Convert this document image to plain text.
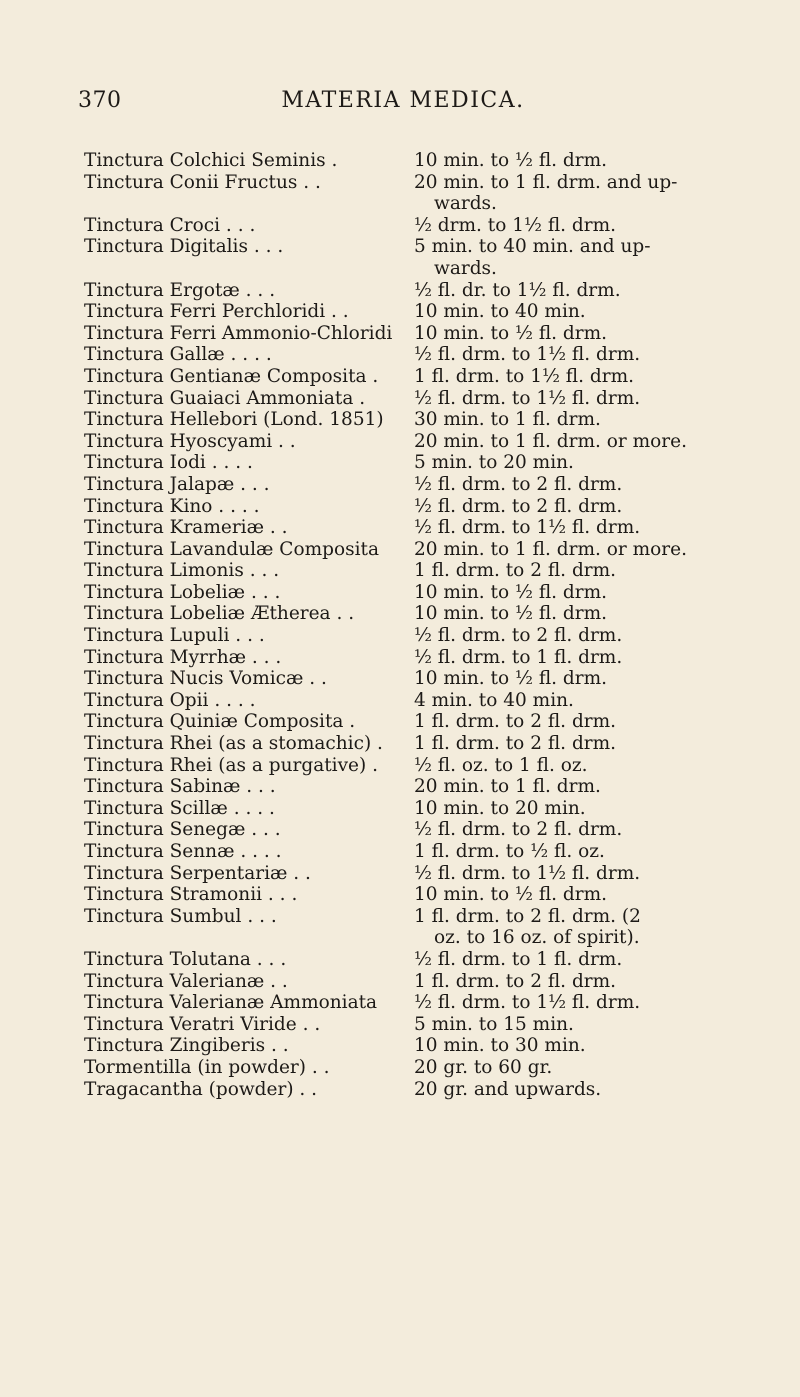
370	MATERIA MEDICA.
Tinctura Colchici Seminis .	10 min. to ½ fl. drm.
Tinctura Conii Fructus . .	20 min. to 1 fl. drm. and up-
wards.
Tinctura Croci . . .	½ drm. to 1½ fl. drm.
Tinctura Digitalis . . .	5 min. to 40 min. and up-
wards.
Tinctura Ergotæ . . .	½ fl. dr. to 1½ fl. drm.
Tinctura Ferri Perchloridi . .	10 min. to 40 min.
Tinctura Ferri Ammonio-Chloridi	10 min. to ½ fl. drm.
Tinctura Gallæ . . . .	½ fl. drm. to 1½ fl. drm.
Tinctura Gentianæ Composita .	1 fl. drm. to 1½ fl. drm.
Tinctura Guaiaci Ammoniata .	½ fl. drm. to 1½ fl. drm.
Tinctura Hellebori (Lond. 1851)	30 min. to 1 fl. drm.
Tinctura Hyoscyami . .	20 min. to 1 fl. drm. or more.
Tinctura Iodi . . . .	5 min. to 20 min.
Tinctura Jalapæ . . .	½ fl. drm. to 2 fl. drm.
Tinctura Kino . . . .	½ fl. drm. to 2 fl. drm.
Tinctura Krameriæ . .	½ fl. drm. to 1½ fl. drm.
Tinctura Lavandulæ Composita	20 min. to 1 fl. drm. or more.
Tinctura Limonis . . .	1 fl. drm. to 2 fl. drm.
Tinctura Lobeliæ . . .	10 min. to ½ fl. drm.
Tinctura Lobeliæ Ætherea . .	10 min. to ½ fl. drm.
Tinctura Lupuli . . .	½ fl. drm. to 2 fl. drm.
Tinctura Myrrhæ . . .	½ fl. drm. to 1 fl. drm.
Tinctura Nucis Vomicæ . .	10 min. to ½ fl. drm.
Tinctura Opii . . . .	4 min. to 40 min.
Tinctura Quiniæ Composita .	1 fl. drm. to 2 fl. drm.
Tinctura Rhei (as a stomachic) .	1 fl. drm. to 2 fl. drm.
Tinctura Rhei (as a purgative) .	½ fl. oz. to 1 fl. oz.
Tinctura Sabinæ . . .	20 min. to 1 fl. drm.
Tinctura Scillæ . . . .	10 min. to 20 min.
Tinctura Senegæ . . .	½ fl. drm. to 2 fl. drm.
Tinctura Sennæ . . . .	1 fl. drm. to ½ fl. oz.
Tinctura Serpentariæ . .	½ fl. drm. to 1½ fl. drm.
Tinctura Stramonii . . .	10 min. to ½ fl. drm.
Tinctura Sumbul . . .	1 fl. drm. to 2 fl. drm. (2
oz. to 16 oz. of spirit).
Tinctura Tolutana . . .	½ fl. drm. to 1 fl. drm.
Tinctura Valerianæ . .	1 fl. drm. to 2 fl. drm.
Tinctura Valerianæ Ammoniata	½ fl. drm. to 1½ fl. drm.
Tinctura Veratri Viride . .	5 min. to 15 min.
Tinctura Zingiberis . .	10 min. to 30 min.
Tormentilla (in powder) . .	20 gr. to 60 gr.
Tragacantha (powder) . .	20 gr. and upwards.
